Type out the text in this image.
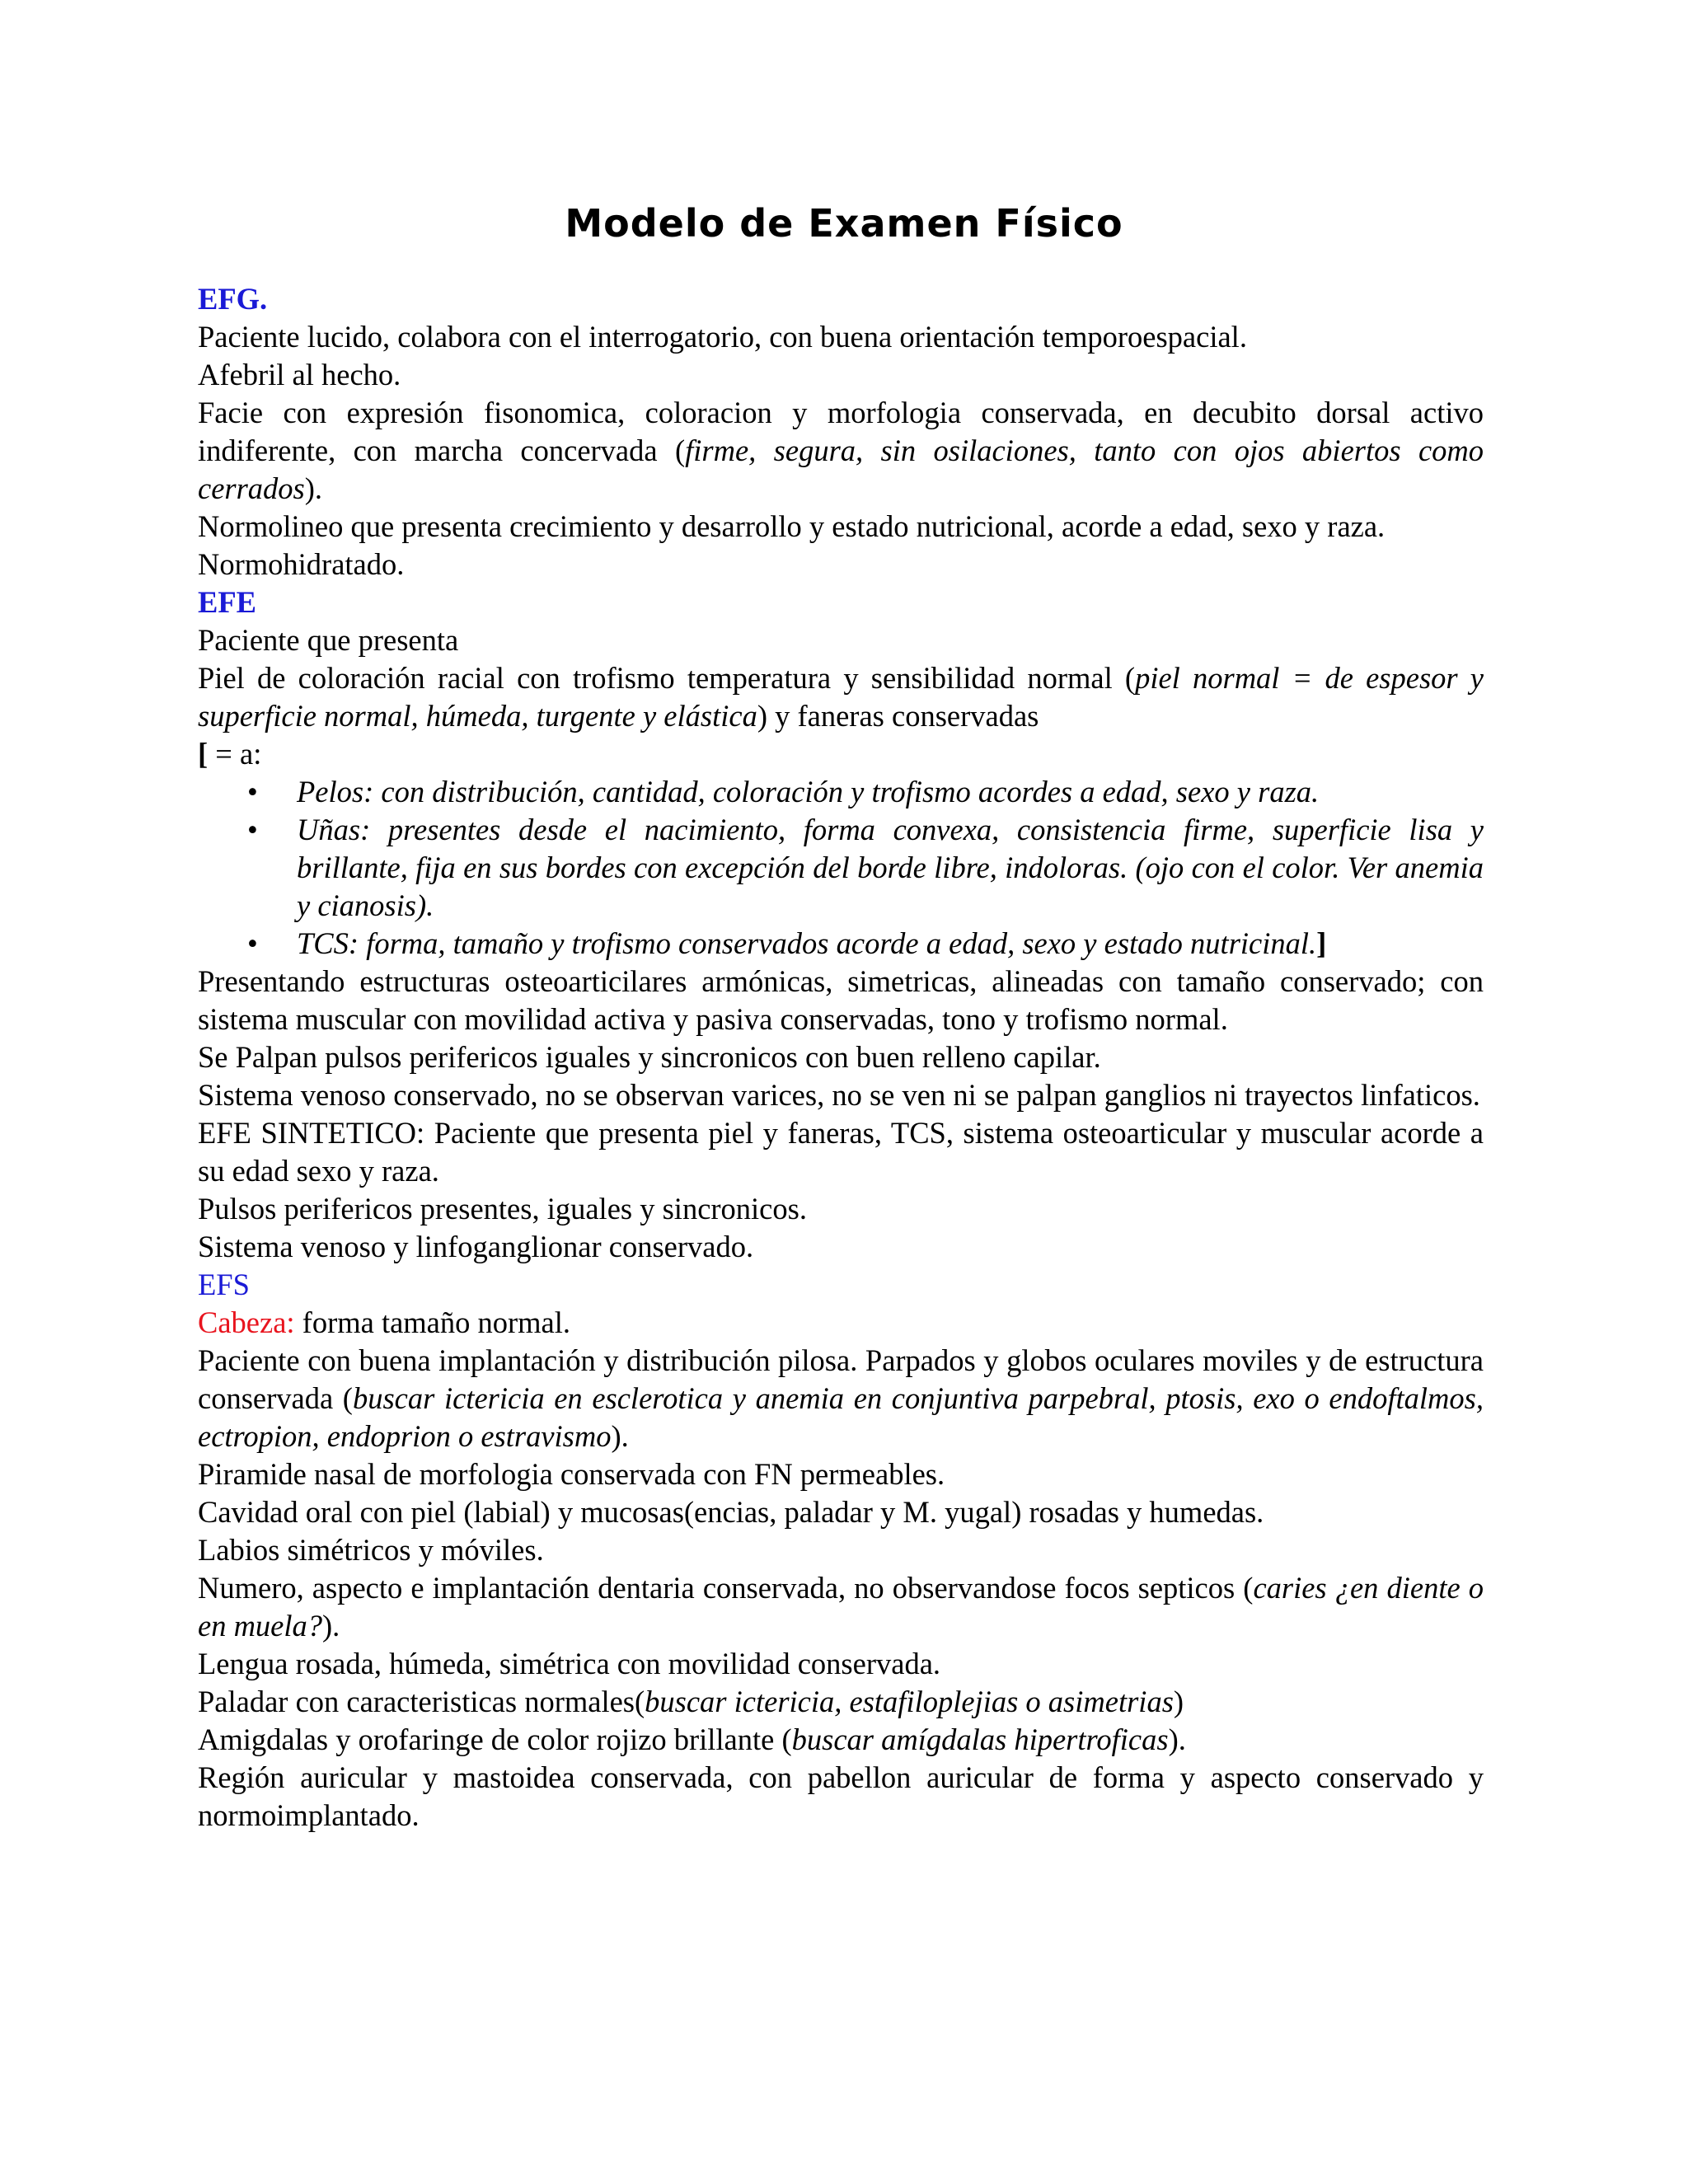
Modelo de Examen Físico

EFG.

Paciente lucido, colabora con el interrogatorio, con buena orientación temporoespacial.

Afebril al hecho.

Facie con expresión fisonomica, coloracion y morfologia conservada, en decubito dorsal activo indiferente, con marcha concervada (firme, segura, sin osilaciones, tanto con ojos abiertos como cerrados).

Normolineo que presenta crecimiento y desarrollo y estado nutricional, acorde a edad, sexo y raza.

Normohidratado.

EFE

Paciente que presenta

Piel de coloración racial con trofismo temperatura y sensibilidad normal (piel normal = de espesor y superficie normal, húmeda, turgente y elástica) y faneras conservadas

[ = a:

• Pelos: con distribución, cantidad, coloración y trofismo acordes a edad, sexo y raza.
• Uñas: presentes desde el nacimiento, forma convexa, consistencia firme, superficie lisa y brillante, fija en sus bordes con excepción del borde libre, indoloras. (ojo con el color. Ver anemia y cianosis).
• TCS: forma, tamaño y trofismo conservados acorde a edad, sexo y estado nutricinal.]

Presentando estructuras osteoarticilares armónicas, simetricas, alineadas con tamaño conservado; con sistema muscular con movilidad activa y pasiva conservadas, tono y trofismo normal.

Se Palpan pulsos perifericos iguales y sincronicos con buen relleno capilar.

Sistema venoso conservado, no se observan varices, no se ven ni se palpan ganglios ni trayectos linfaticos.

EFE SINTETICO: Paciente que presenta piel y faneras, TCS, sistema osteoarticular y muscular acorde a su edad sexo y raza.

Pulsos perifericos presentes, iguales y sincronicos.

Sistema venoso y linfoganglionar conservado.

EFS

Cabeza: forma tamaño normal.

Paciente con buena implantación y distribución pilosa. Parpados y globos oculares moviles y de estructura conservada (buscar ictericia en esclerotica y anemia en conjuntiva parpebral, ptosis, exo o endoftalmos, ectropion, endoprion o estravismo).

Piramide nasal de morfologia conservada con FN permeables.

Cavidad oral con piel (labial) y mucosas(encias, paladar y M. yugal) rosadas y humedas.

Labios simétricos y móviles.

Numero, aspecto e implantación dentaria conservada, no observandose focos septicos (caries ¿en diente o en muela?).

Lengua rosada, húmeda, simétrica con movilidad conservada.

Paladar con caracteristicas normales(buscar ictericia, estafiloplejias o asimetrias)

Amigdalas y orofaringe de color rojizo brillante (buscar amígdalas hipertroficas).

Región auricular y mastoidea conservada, con pabellon auricular de forma y aspecto conservado y normoimplantado.
